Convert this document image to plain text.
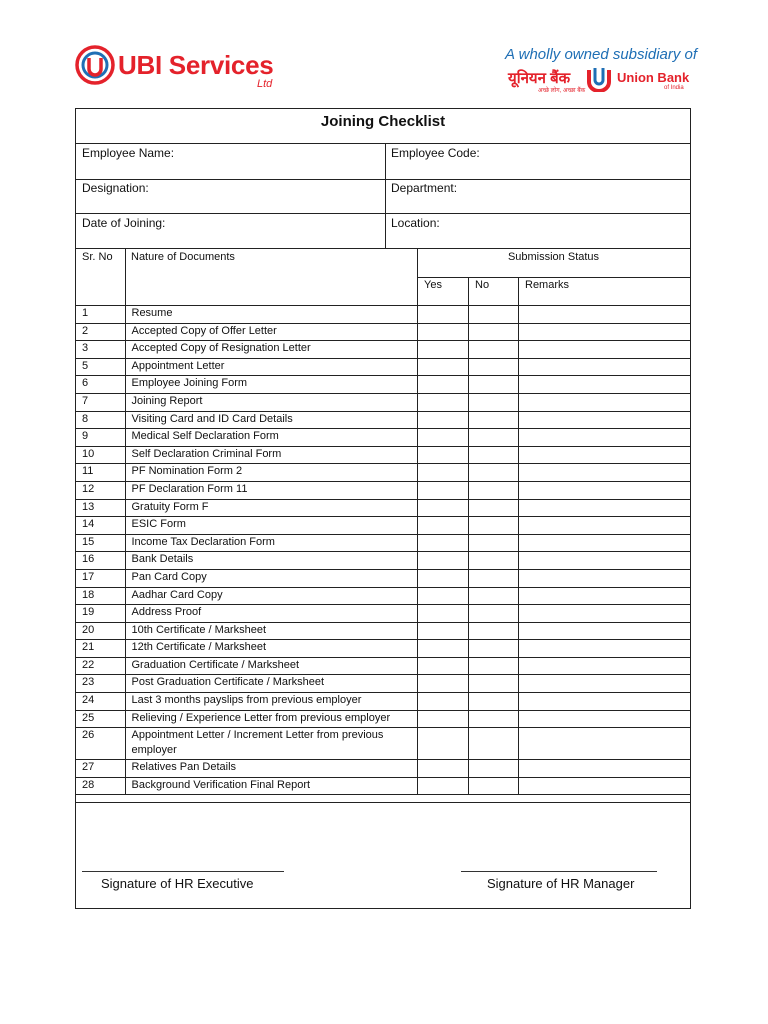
UBI Services
Ltd
A wholly owned subsidiary of
यूनियन बैंक
अच्छे लोग, अच्छा बैंक
Union Bank
of India
Joining Checklist
Employee Name:	Employee Code:
Designation:	Department:
Date of Joining:	Location:
Sr. No Nature of Documents	Submission Status
Yes	No	Remarks
1	Resume			
2	Accepted Copy of Offer Letter			
3	Accepted Copy of Resignation Letter			
5	Appointment Letter			
6	Employee Joining Form			
7	Joining Report			
8	Visiting Card and ID Card Details			
9	Medical Self Declaration Form			
10	Self Declaration Criminal Form			
11	PF Nomination Form 2			
12	PF Declaration Form 11			
13	Gratuity Form F			
14	ESIC Form			
15	Income Tax Declaration Form			
16	Bank Details			
17	Pan Card Copy			
18	Aadhar Card Copy			
19	Address Proof			
20	10th Certificate / Marksheet			
21	12th Certificate / Marksheet			
22	Graduation Certificate / Marksheet			
23	Post Graduation Certificate / Marksheet			
24	Last 3 months payslips from previous employer			
25	Relieving / Experience Letter from previous employer			
26	Appointment Letter / Increment Letter from previous employer			
27	Relatives Pan Details			
28	Background Verification Final Report			
Signature of HR Executive	Signature of HR Manager
